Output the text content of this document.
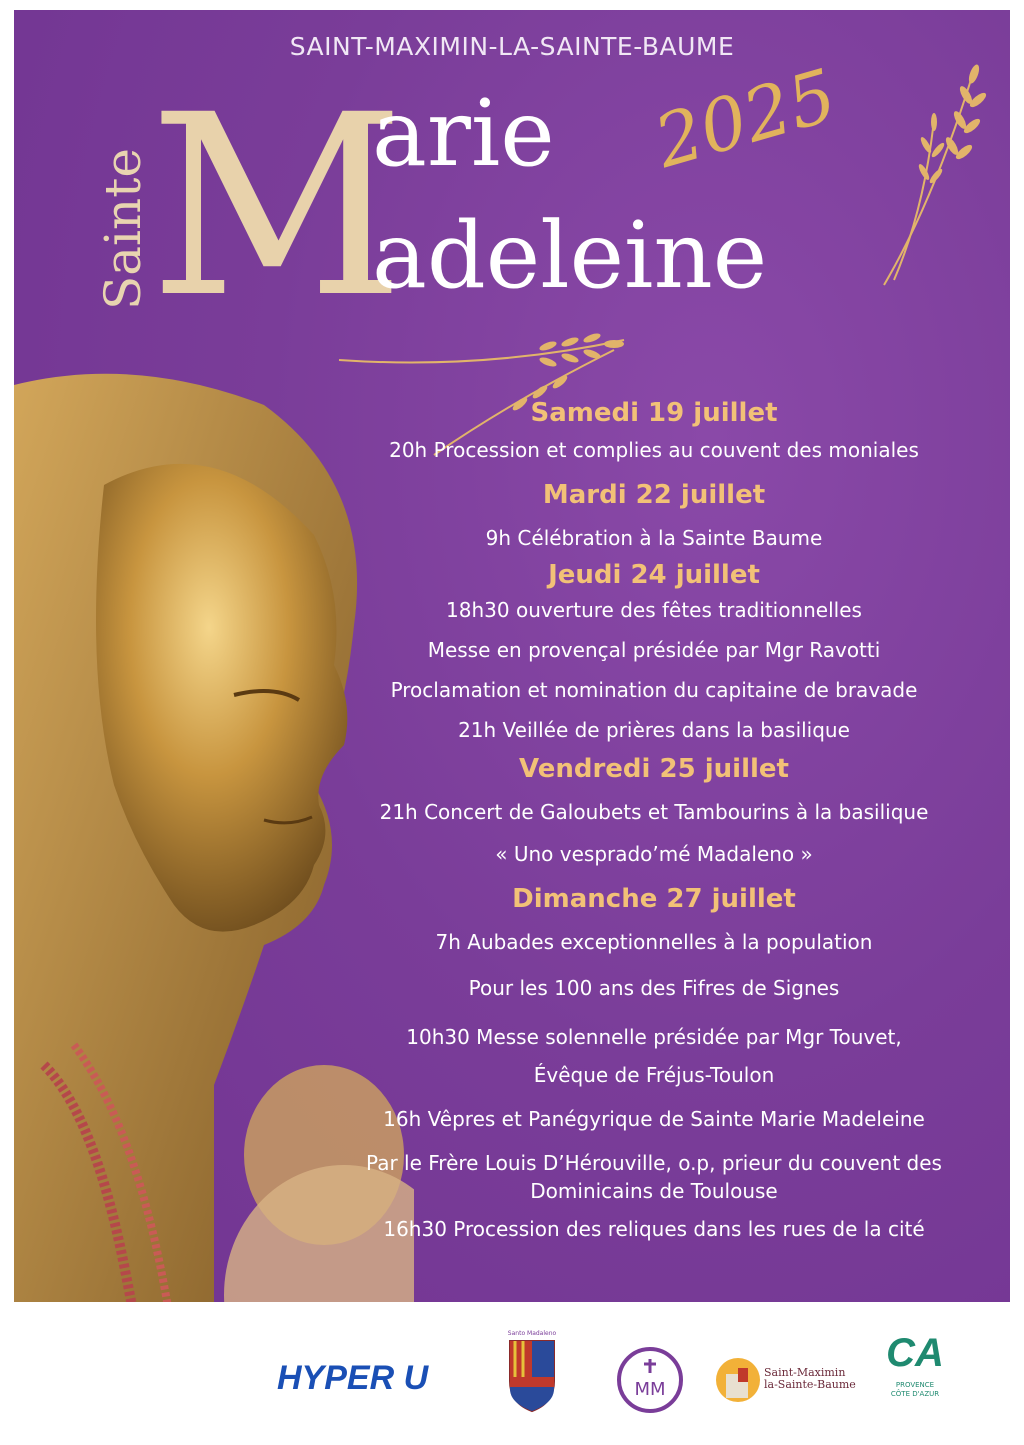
SAINT-MAXIMIN-LA-SAINTE-BAUME
Sainte
M
arie
adeleine
2025
Samedi 19 juillet
20h Procession et complies au couvent des moniales
Mardi 22 juillet
9h Célébration à la Sainte Baume
Jeudi 24 juillet
18h30 ouverture des fêtes traditionnelles
Messe en provençal présidée par Mgr Ravotti
Proclamation et nomination du capitaine de bravade
21h Veillée de prières dans la basilique
Vendredi 25 juillet
21h Concert de Galoubets et Tambourins à la basilique
« Uno vesprado’mé Madaleno »
Dimanche 27 juillet
7h Aubades exceptionnelles à la population
Pour les 100 ans des Fifres de Signes
10h30 Messe solennelle présidée par Mgr Touvet,
Évêque de Fréjus-Toulon
16h Vêpres et Panégyrique de Sainte Marie Madeleine
Par le Frère Louis D’Hérouville, o.p, prieur du couvent des
Dominicains de Toulouse
16h30 Procession des reliques dans les rues de la cité
©Association Santo Madaleno HYPER U
Santo Madaleno
MM
Saint-Maximin
la-Sainte-Baume
CA
PROVENCE
CÔTE D'AZUR
